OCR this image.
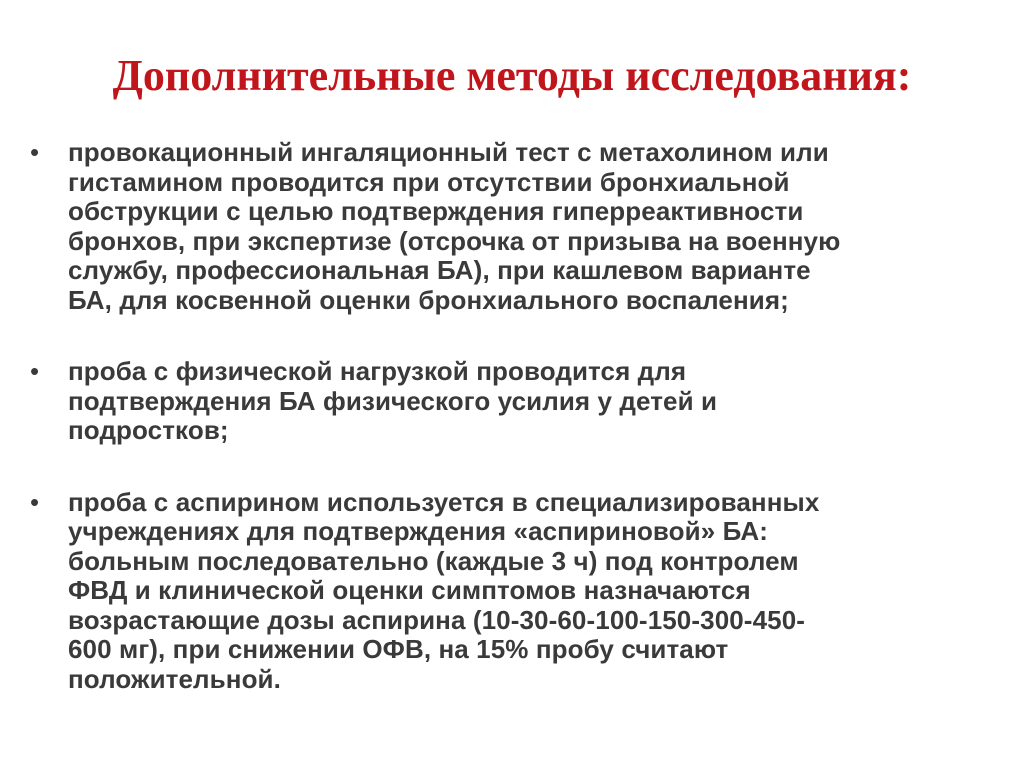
Дополнительные методы исследования:
• провокационный ингаляционный тест с метахолином или
гистамином проводится при отсутствии бронхиальной
обструкции с целью подтверждения гиперреактивности
бронхов, при экспертизе (отсрочка от призыва на военную
службу, профессиональная БА), при кашлевом варианте
БА, для косвенной оценки бронхиального воспаления;
• проба с физической нагрузкой проводится для
подтверждения БА физического усилия у детей и
подростков;
• проба с аспирином используется в специализированных
учреждениях для подтверждения «аспириновой» БА:
больным последовательно (каждые 3 ч) под контролем
ФВД и клинической оценки симптомов назначаются
возрастающие дозы аспирина (10-30-60-100-150-300-450-
600 мг), при снижении ОФВ, на 15% пробу считают
положительной.
